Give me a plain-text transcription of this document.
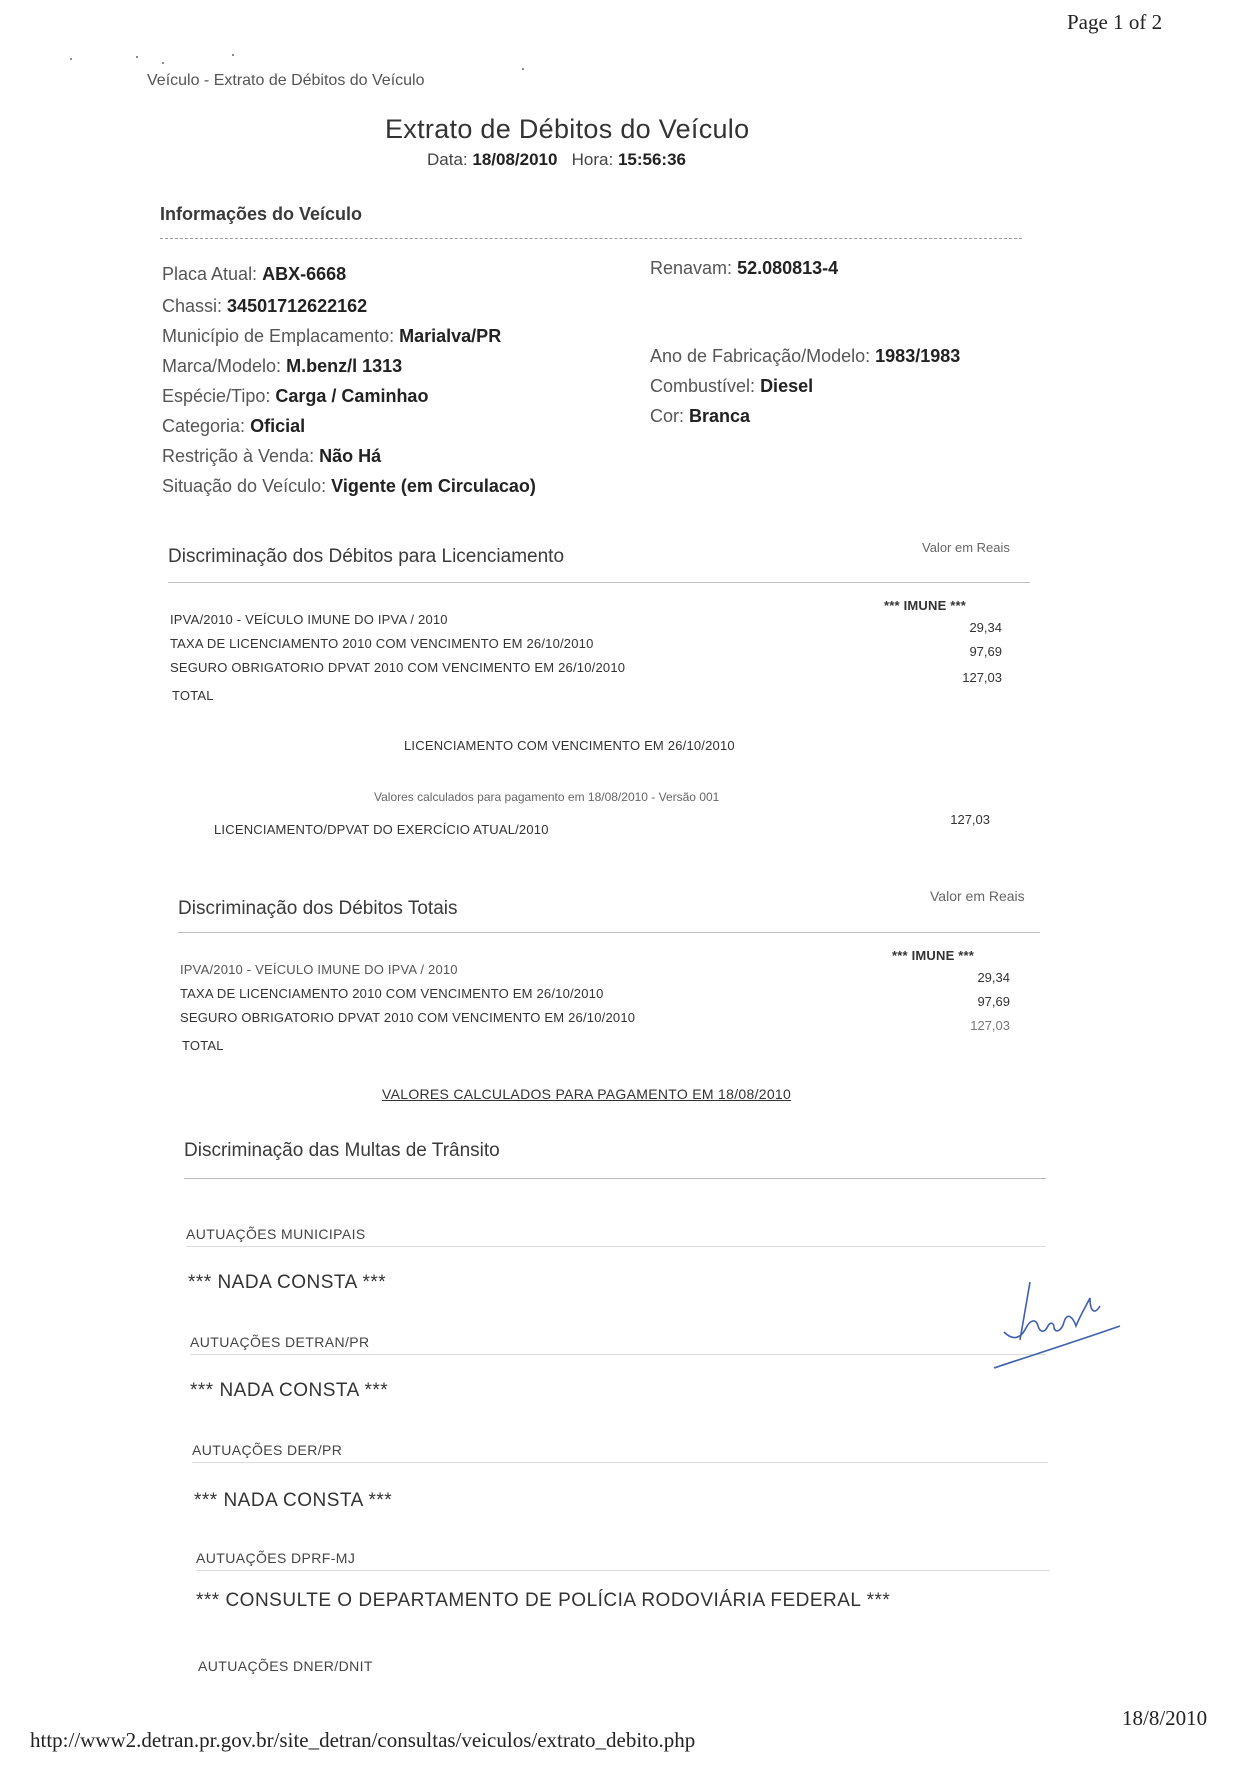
Page 1 of 2
Veículo - Extrato de Débitos do Veículo
Extrato de Débitos do Veículo
Data: 18/08/2010 Hora: 15:56:36
Informações do Veículo
Placa Atual: ABX-6668
Chassi: 34501712622162
Município de Emplacamento: Marialva/PR
Marca/Modelo: M.benz/l 1313
Espécie/Tipo: Carga / Caminhao
Categoria: Oficial
Restrição à Venda: Não Há
Situação do Veículo: Vigente (em Circulacao)
Renavam: 52.080813-4
Ano de Fabricação/Modelo: 1983/1983
Combustível: Diesel
Cor: Branca
Discriminação dos Débitos para Licenciamento	Valor em Reais
IPVA/2010 - VEÍCULO IMUNE DO IPVA / 2010
*** IMUNE ***
TAXA DE LICENCIAMENTO 2010 COM VENCIMENTO EM 26/10/2010
29,34
SEGURO OBRIGATORIO DPVAT 2010 COM VENCIMENTO EM 26/10/2010
97,69
TOTAL
127,03
LICENCIAMENTO COM VENCIMENTO EM 26/10/2010
Valores calculados para pagamento em 18/08/2010 - Versão 001
LICENCIAMENTO/DPVAT DO EXERCÍCIO ATUAL/2010
127,03
Discriminação dos Débitos Totais
Valor em Reais
IPVA/2010 - VEÍCULO IMUNE DO IPVA / 2010
*** IMUNE ***
TAXA DE LICENCIAMENTO 2010 COM VENCIMENTO EM 26/10/2010
29,34
SEGURO OBRIGATORIO DPVAT 2010 COM VENCIMENTO EM 26/10/2010
97,69
TOTAL
127,03
VALORES CALCULADOS PARA PAGAMENTO EM 18/08/2010
Discriminação das Multas de Trânsito
AUTUAÇÕES MUNICIPAIS
*** NADA CONSTA ***
AUTUAÇÕES DETRAN/PR
*** NADA CONSTA ***
AUTUAÇÕES DER/PR
*** NADA CONSTA ***
AUTUAÇÕES DPRF-MJ
*** CONSULTE O DEPARTAMENTO DE POLÍCIA RODOVIÁRIA FEDERAL ***
AUTUAÇÕES DNER/DNIT
http://www2.detran.pr.gov.br/site_detran/consultas/veiculos/extrato_debito.php
18/8/2010
